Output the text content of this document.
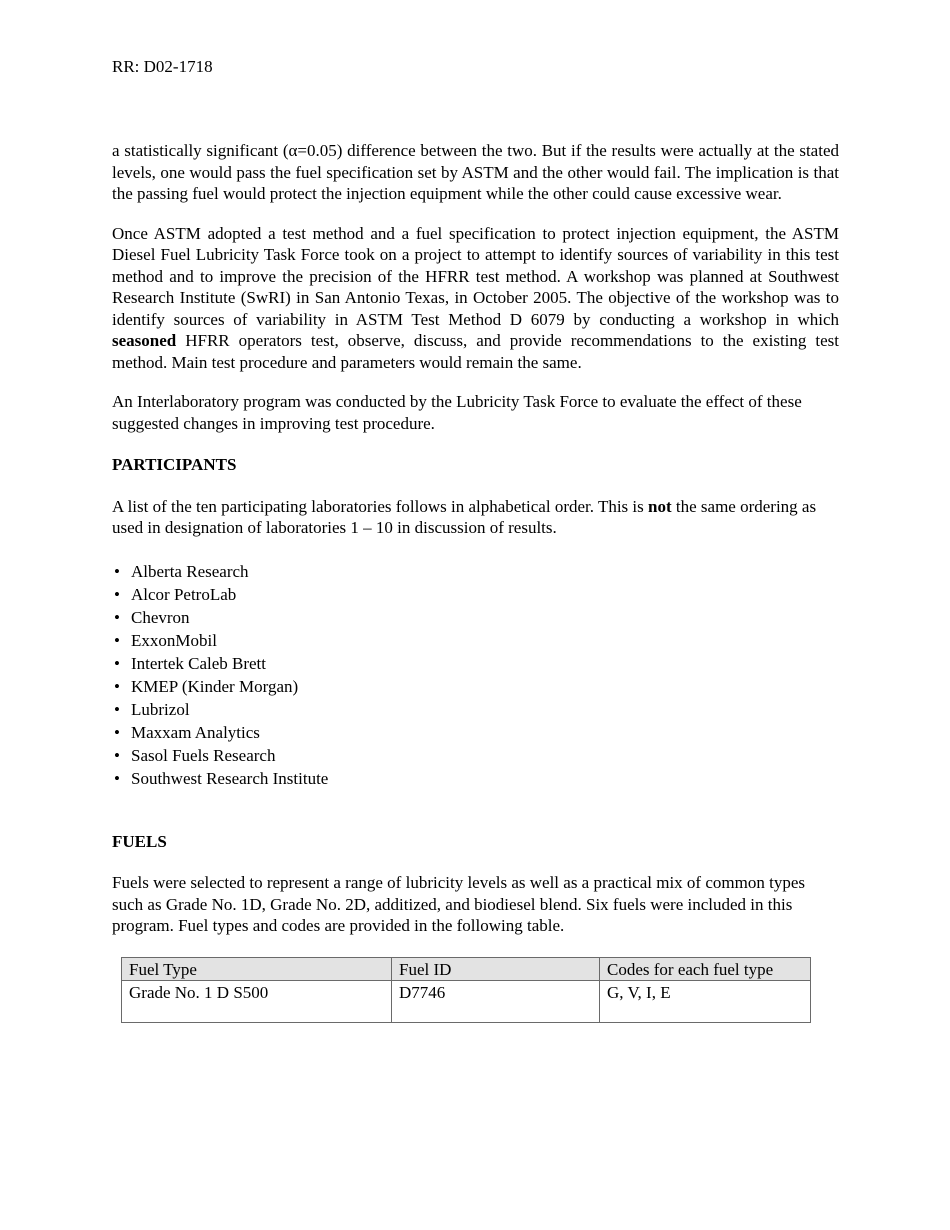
RR: D02-1718

a statistically significant (α=0.05) difference between the two. But if the results were actually at the stated levels, one would pass the fuel specification set by ASTM and the other would fail. The implication is that the passing fuel would protect the injection equipment while the other could cause excessive wear.

Once ASTM adopted a test method and a fuel specification to protect injection equipment, the ASTM Diesel Fuel Lubricity Task Force took on a project to attempt to identify sources of variability in this test method and to improve the precision of the HFRR test method. A workshop was planned at Southwest Research Institute (SwRI) in San Antonio Texas, in October 2005. The objective of the workshop was to identify sources of variability in ASTM Test Method D 6079 by conducting a workshop in which seasoned HFRR operators test, observe, discuss, and provide recommendations to the existing test method. Main test procedure and parameters would remain the same.

An Interlaboratory program was conducted by the Lubricity Task Force to evaluate the effect of these suggested changes in improving test procedure.

PARTICIPANTS

A list of the ten participating laboratories follows in alphabetical order. This is not the same ordering as used in designation of laboratories 1 – 10 in discussion of results.

• Alberta Research
• Alcor PetroLab
• Chevron
• ExxonMobil
• Intertek Caleb Brett
• KMEP (Kinder Morgan)
• Lubrizol
• Maxxam Analytics
• Sasol Fuels Research
• Southwest Research Institute
FUELS

Fuels were selected to represent a range of lubricity levels as well as a practical mix of common types such as Grade No. 1D, Grade No. 2D, additized, and biodiesel blend. Six fuels were included in this program. Fuel types and codes are provided in the following table.

Fuel Type	Fuel ID	Codes for each fuel type
Grade No. 1 D S500	D7746	G, V, I, E
